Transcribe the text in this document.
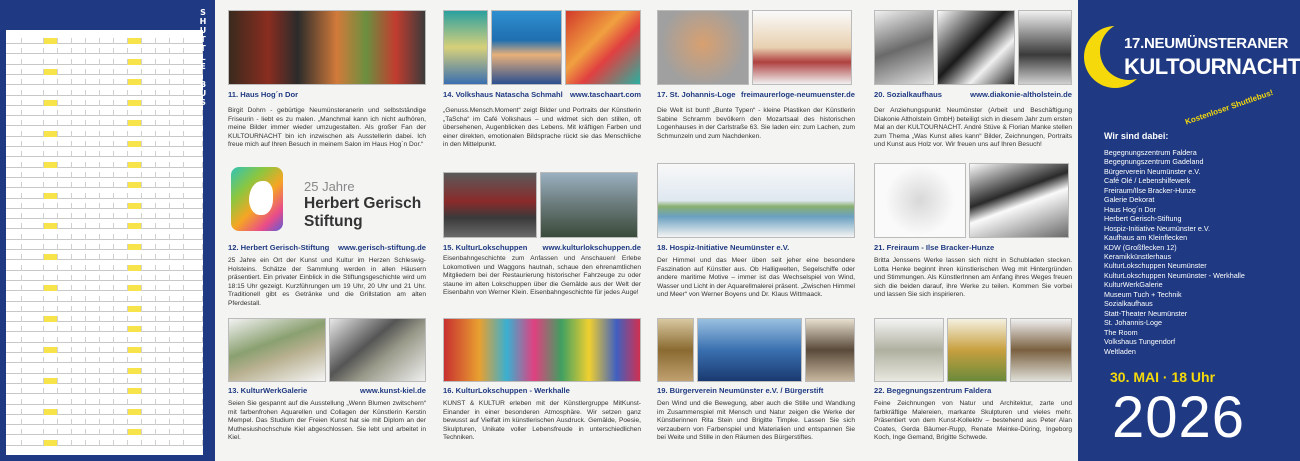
S
H
U
T
T
L
E

B
U
S
11. Haus Hog´n Dor
Birgit Dohrn - gebürtige Neumünsteranerin und selbstständige Friseurin - liebt es zu malen. „Manchmal kann ich nicht aufhören, meine Bilder immer wieder umzugestalten. Als großer Fan der KULTOURNACHT bin ich inzwischen als Ausstellerin dabei. Ich freue mich auf Ihren Besuch in meinem Salon im Haus Hog´n Dor.“
25 Jahre
Herbert Gerisch
Stiftung
12. Herbert Gerisch-Stiftung www.gerisch-stiftung.de
25 Jahre ein Ort der Kunst und Kultur im Herzen Schleswig-Holsteins. Schätze der Sammlung werden in allen Häusern präsentiert. Ein privater Einblick in die Stiftungsgeschichte wird um 18:15 Uhr gezeigt. Kurzführungen um 19 Uhr, 20 Uhr und 21 Uhr. Traditionell gibt es Getränke und die Grillstation am alten Pferdestall.
13. KulturWerkGalerie	www.kunst-kiel.de
Seien Sie gespannt auf die Ausstellung „Wenn Blumen zwitschern“ mit farbenfrohen Aquarellen und Collagen der Künstlerin Kerstin Mempel. Das Studium der Freien Kunst hat sie mit Diplom an der Muthesiushochschule Kiel abgeschlossen. Sie lebt und arbeitet in Kiel.
14. Volkshaus Natascha Schmahl www.taschaart.com
„Genuss.Mensch.Moment“ zeigt Bilder und Portraits der Künstlerin „TaScha“ im Café Volkshaus – und widmet sich den stillen, oft übersehenen, Augenblicken des Lebens. Mit kräftigen Farben und einer direkten, emotionalen Bildsprache rückt sie das Menschliche in den Mittelpunkt.
15. KulturLokschuppen www.kulturlokschuppen.de
Eisenbahngeschichte zum Anfassen und Anschauen! Erlebe Lokomotiven und Waggons hautnah, schaue den ehrenamtlichen Mitgliedern bei der Restaurierung historischer Fahrzeuge zu oder staune im alten Lokschuppen über die Gemälde aus der Welt der Eisenbahn von Werner Klein. Eisenbahngeschichte für jedes Auge!
16. KulturLokschuppen - Werkhalle
KUNST & KULTUR erleben mit der Künstlergruppe MitKunst-Einander in einer besonderen Atmosphäre. Wir setzen ganz bewusst auf Vielfalt im künstlerischen Ausdruck. Gemälde, Poesie, Skulpturen, Unikate voller Lebensfreude in unterschiedlichen Techniken.
17. St. Johannis-Loge freimaurerloge-neumuenster.de
Die Welt ist bunt! „Bunte Typen“ - kleine Plastiken der Künstlerin Sabine Schramm bevölkern den Mozartsaal des historischen Logenhauses in der Carlstraße 63. Sie laden ein: zum Lachen, zum Schmunzeln und zum Nachdenken.
18. Hospiz-Initiative Neumünster e.V.
Der Himmel und das Meer üben seit jeher eine besondere Faszination auf Künstler aus. Ob Halligwelten, Segelschiffe oder andere maritime Motive – immer ist das Wechselspiel von Wind, Wasser und Licht in der Aquarellmalerei präsent. „Zwischen Himmel und Meer“ von Werner Boyens und Dr. Klaus Wittmaack.
19. Bürgerverein Neumünster e.V. / Bürgerstift
Den Wind und die Bewegung, aber auch die Stille und Wandlung im Zusammenspiel mit Mensch und Natur zeigen die Werke der Künstlerinnen Rita Stein und Brigitte Timpke. Lassen Sie sich verzaubern von Farbenspiel und Materialien und entspannen Sie bei Weite und Stille in den Räumen des Bürgerstiftes.
20. Sozialkaufhaus	www.diakonie-altholstein.de
Der Anziehungspunkt Neumünster (Arbeit und Beschäftigung Diakonie Altholstein GmbH) beteiligt sich in diesem Jahr zum ersten Mal an der KULTOURNACHT. André Stüve & Florian Manke stellen zum Thema „Was Kunst alles kann“ Bilder, Zeichnungen, Portraits und Kunst aus Holz vor. Wir freuen uns auf Ihren Besuch!
21. Freiraum - Ilse Bracker-Hunze
Britta Jenssens Werke lassen sich nicht in Schubladen stecken. Lotta Henke beginnt ihren künstlerischen Weg mit Hintergründen und Stimmungen. Als KünstlerInnen am Anfang ihres Weges freuen sich die beiden darauf, ihre Werke zu teilen. Kommen Sie vorbei und lassen Sie sich inspirieren.
22. Begegnungszentrum Faldera
Feine Zeichnungen von Natur und Architektur, zarte und farbkräftige Malereien, markante Skulpturen und vieles mehr. Präsentiert von dem Kunst-Kollektiv – bestehend aus Peter Alan Coates, Gerda Bäumer-Rupp, Renate Meinke-Düring, Ingeborg Koch, Inge Gemand, Brigitte Schwede.
17.NEUMÜNSTERANER
KULTOURNACHT
Kostenloser Shuttlebus!
Wir sind dabei:
Begegnungszentrum Faldera
Begegnungszentrum Gadeland
Bürgerverein Neumünster e.V.
Café Olé / Lebenshilfewerk
Freiraum/Ilse Bracker-Hunze
Galerie Dekorat
Haus Hog´n Dor
Herbert Gerisch-Stiftung
Hospiz-Initiative Neumünster e.V.
Kaufhaus am Kleinflecken
KDW (Großflecken 12)
Keramikkünstlerhaus
KulturLokschuppen Neumünster
KulturLokschuppen Neumünster - Werkhalle
KulturWerkGalerie
Museum Tuch + Technik
Sozialkaufhaus
Statt-Theater Neumünster
St. Johannis-Loge
The Room
Volkshaus Tungendorf
Weltladen
30. MAI · 18 Uhr
2026
